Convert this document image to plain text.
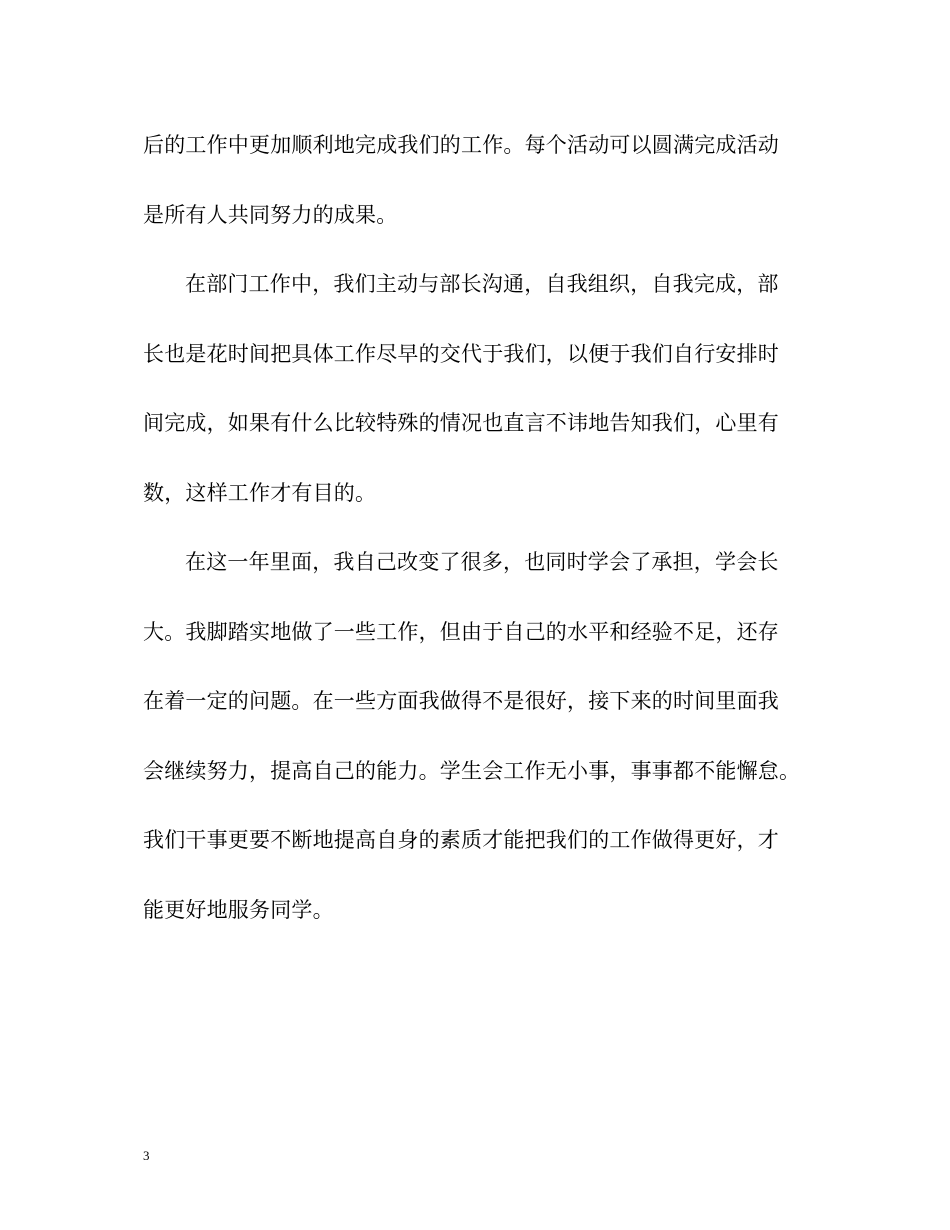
后的工作中更加顺利地完成我们的工作。每个活动可以圆满完成活动
是所有人共同努力的成果。
在部门工作中，我们主动与部长沟通，自我组织，自我完成，部
长也是花时间把具体工作尽早的交代于我们，以便于我们自行安排时
间完成，如果有什么比较特殊的情况也直言不讳地告知我们，心里有
数，这样工作才有目的。
在这一年里面，我自己改变了很多，也同时学会了承担，学会长
大。我脚踏实地做了一些工作，但由于自己的水平和经验不足，还存
在着一定的问题。在一些方面我做得不是很好，接下来的时间里面我
会继续努力，提高自己的能力。学生会工作无小事，事事都不能懈怠。
我们干事更要不断地提高自身的素质才能把我们的工作做得更好，才
能更好地服务同学。
3
